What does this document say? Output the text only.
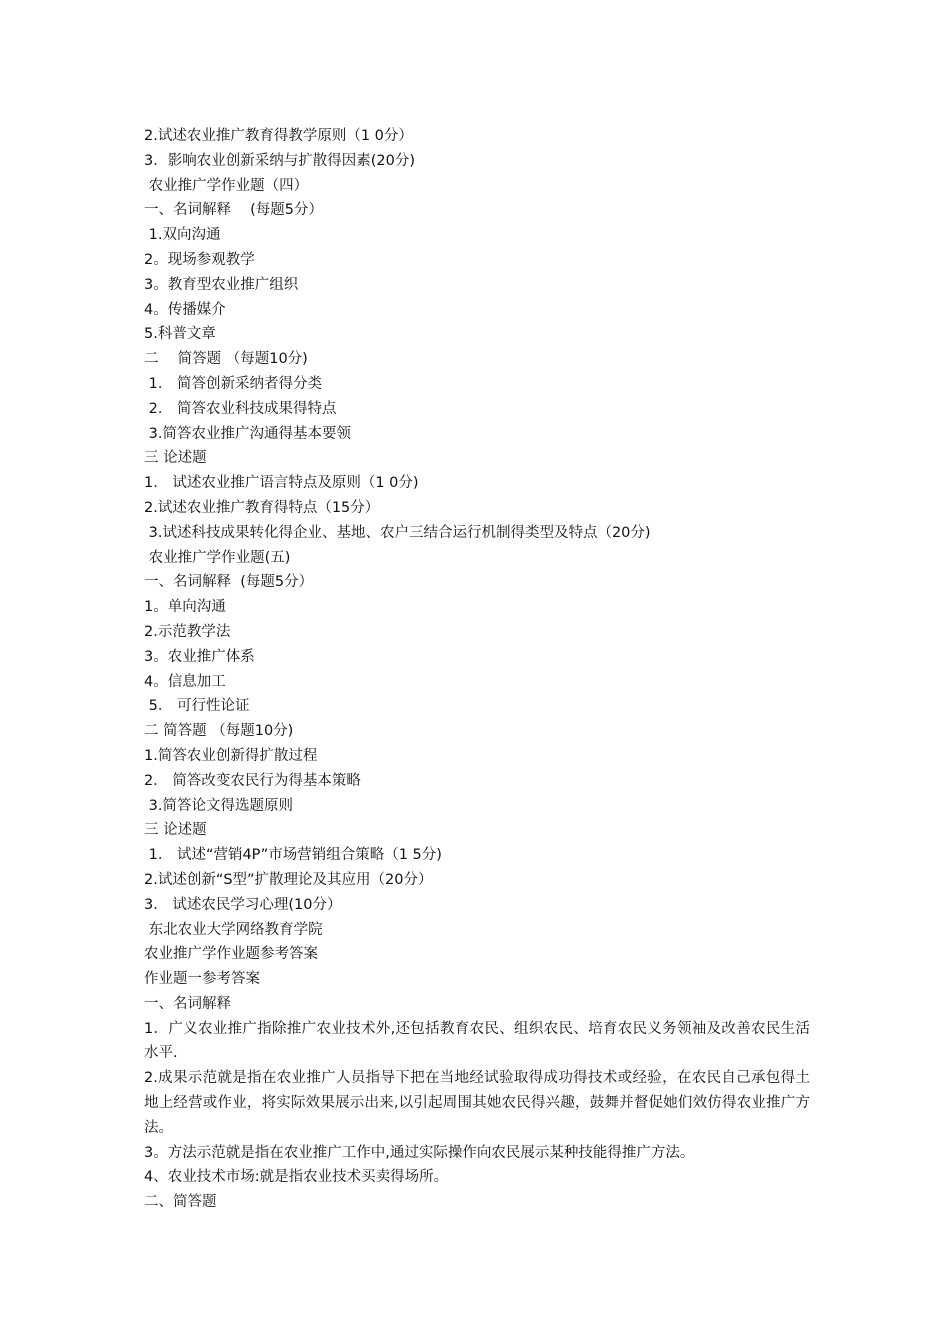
2.试述农业推广教育得教学原则（1 0分）
3．影响农业创新采纳与扩散得因素(20分)
农业推广学作业题（四）
一、名词解释　 (每题5分）
1.双向沟通
2。现场参观教学
3。教育型农业推广组织
4。传播媒介
5.科普文章
二　 简答题 （每题10分)
1． 简答创新采纳者得分类
2． 简答农业科技成果得特点
3.简答农业推广沟通得基本要领
三 论述题
1． 试述农业推广语言特点及原则（1 0分)
2.试述农业推广教育得特点（15分）
3.试述科技成果转化得企业、基地、农户三结合运行机制得类型及特点（20分)
农业推广学作业题(五)
一、名词解释  (每题5分）
1。单向沟通
2.示范教学法
3。农业推广体系
4。信息加工
5． 可行性论证
二 简答题 （每题10分)
1.简答农业创新得扩散过程
2． 简答改变农民行为得基本策略
3.简答论文得选题原则
三 论述题
1． 试述“营销4P”市场营销组合策略（1 5分)
2.试述创新“S型”扩散理论及其应用（20分）
3． 试述农民学习心理(10分）
东北农业大学网络教育学院
农业推广学作业题参考答案
作业题一参考答案
一、名词解释
1．广义农业推广指除推广农业技术外,还包括教育农民、组织农民、培育农民义务领袖及改善农民生活水平.
2.成果示范就是指在农业推广人员指导下把在当地经试验取得成功得技术或经验，在农民自己承包得土地上经营或作业，将实际效果展示出来,以引起周围其她农民得兴趣，鼓舞并督促她们效仿得农业推广方法。
3。方法示范就是指在农业推广工作中,通过实际操作向农民展示某种技能得推广方法。
4、农业技术市场:就是指农业技术买卖得场所。
二、简答题
